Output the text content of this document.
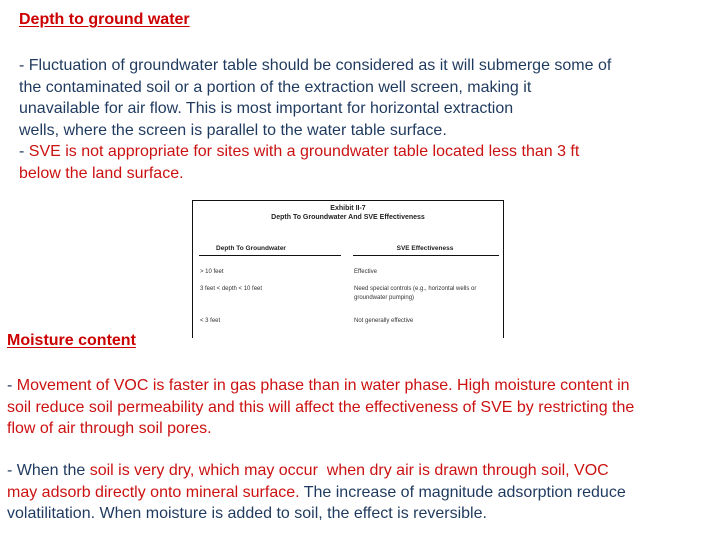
Depth to ground water
- Fluctuation of groundwater table should be considered as it will submerge some of
the contaminated soil or a portion of the extraction well screen, making it
unavailable for air flow. This is most important for horizontal extraction
wells, where the screen is parallel to the water table surface.
- SVE is not appropriate for sites with a groundwater table located less than 3 ft
below the land surface.
Exhibit II-7
Depth To Groundwater And SVE Effectiveness
Depth To Groundwater	SVE Effectiveness
> 10 feet	Effective
3 feet < depth < 10 feet	Need special controls (e.g., horizontal wells or
groundwater pumping)
< 3 feet	Not generally effective
Moisture content
- Movement of VOC is faster in gas phase than in water phase. High moisture content in
soil reduce soil permeability and this will affect the effectiveness of SVE by restricting the
flow of air through soil pores.
- When the soil is very dry, which may occur  when dry air is drawn through soil, VOC
may adsorb directly onto mineral surface. The increase of magnitude adsorption reduce
volatilitation. When moisture is added to soil, the effect is reversible.
